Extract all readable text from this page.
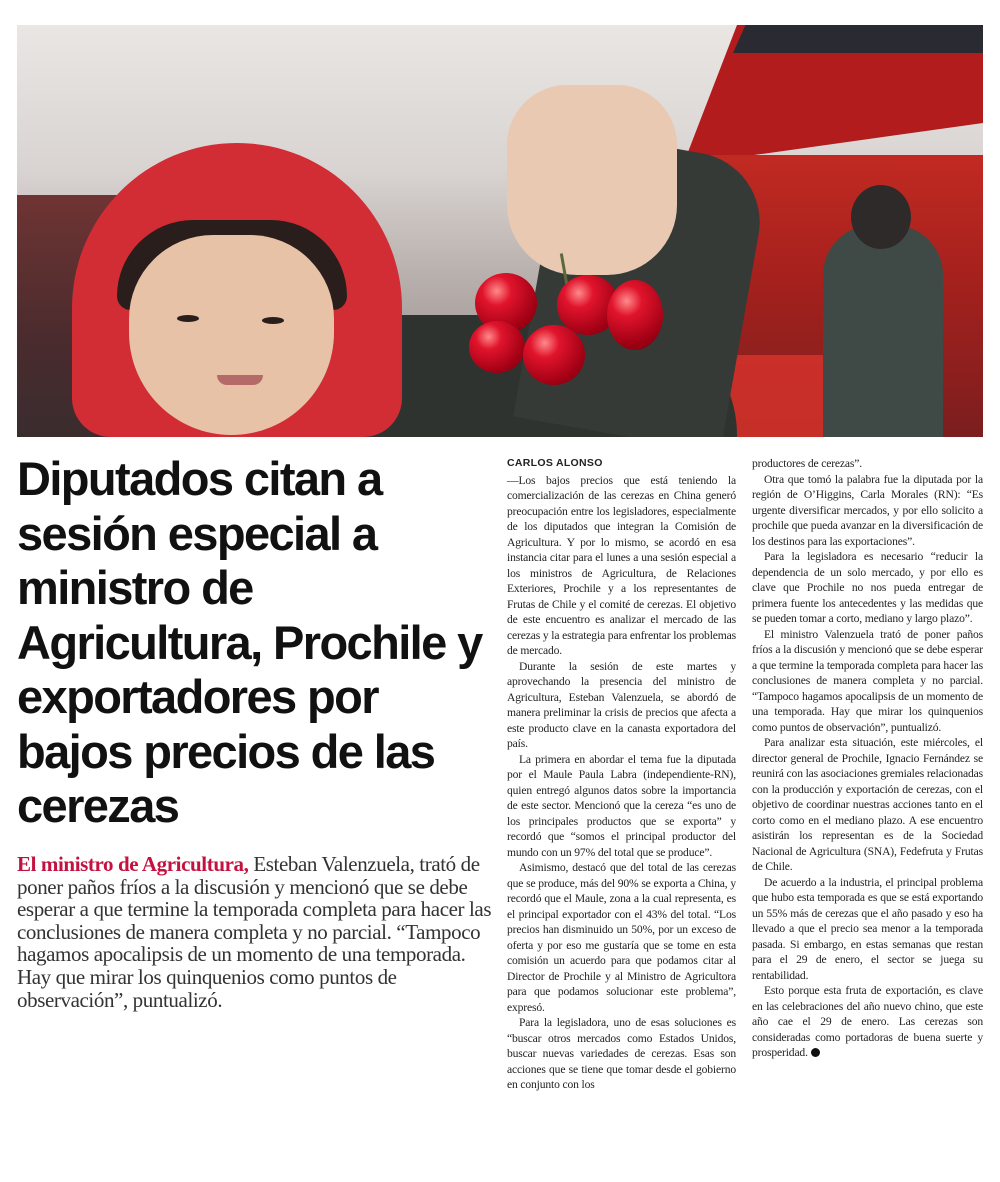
Diputados citan a sesión especial a ministro de Agricultura, Prochile y exportadores por bajos precios de las cerezas

El ministro de Agricultura, Esteban Valenzuela, trató de poner paños fríos a la discusión y mencionó que se debe esperar a que termine la temporada completa para hacer las conclusiones de manera completa y no parcial. “Tampoco hagamos apocalipsis de un momento de una temporada. Hay que mirar los quinquenios como puntos de observación”, puntualizó.

CARLOS ALONSO

—Los bajos precios que está teniendo la comercialización de las cerezas en China generó preocupación entre los legisladores, especialmente de los diputados que integran la Comisión de Agricultura. Y por lo mismo, se acordó en esa instancia citar para el lunes a una sesión especial a los ministros de Agricultura, de Relaciones Exteriores, Prochile y a los representantes de Frutas de Chile y el comité de cerezas. El objetivo de este encuentro es analizar el mercado de las cerezas y la estrategia para enfrentar los problemas de mercado.

Durante la sesión de este martes y aprovechando la presencia del ministro de Agricultura, Esteban Valenzuela, se abordó de manera preliminar la crisis de precios que afecta a este producto clave en la canasta exportadora del país.

La primera en abordar el tema fue la diputada por el Maule Paula Labra (independiente-RN), quien entregó algunos datos sobre la importancia de este sector. Mencionó que la cereza “es uno de los principales productos que se exporta” y recordó que “somos el principal productor del mundo con un 97% del total que se produce”.

Asimismo, destacó que del total de las cerezas que se produce, más del 90% se exporta a China, y recordó que el Maule, zona a la cual representa, es el principal exportador con el 43% del total. “Los precios han disminuido un 50%, por un exceso de oferta y por eso me gustaría que se tome en esta comisión un acuerdo para que podamos citar al Director de Prochile y al Ministro de Agricultora para que podamos solucionar este problema”, expresó.

Para la legisladora, uno de esas soluciones es “buscar otros mercados como Estados Unidos, buscar nuevas variedades de cerezas. Esas son acciones que se tiene que tomar desde el gobierno en conjunto con los

productores de cerezas”.

Otra que tomó la palabra fue la diputada por la región de O’Higgins, Carla Morales (RN): “Es urgente diversificar mercados, y por ello solicito a prochile que pueda avanzar en la diversificación de los destinos para las exportaciones”.

Para la legisladora es necesario “reducir la dependencia de un solo mercado, y por ello es clave que Prochile no nos pueda entregar de primera fuente los antecedentes y las medidas que se pueden tomar a corto, mediano y largo plazo”.

El ministro Valenzuela trató de poner paños fríos a la discusión y mencionó que se debe esperar a que termine la temporada completa para hacer las conclusiones de manera completa y no parcial. “Tampoco hagamos apocalipsis de un momento de una temporada. Hay que mirar los quinquenios como puntos de observación”, puntualizó.

Para analizar esta situación, este miércoles, el director general de Prochile, Ignacio Fernández se reunirá con las asociaciones gremiales relacionadas con la producción y exportación de cerezas, con el objetivo de coordinar nuestras acciones tanto en el corto como en el mediano plazo. A ese encuentro asistirán los representan es de la Sociedad Nacional de Agricultura (SNA), Fedefruta y Frutas de Chile.

De acuerdo a la industria, el principal problema que hubo esta temporada es que se está exportando un 55% más de cerezas que el año pasado y eso ha llevado a que el precio sea menor a la temporada pasada. Si embargo, en estas semanas que restan para el 29 de enero, el sector se juega su rentabilidad.

Esto porque esta fruta de exportación, es clave en las celebraciones del año nuevo chino, que este año cae el 29 de enero. Las cerezas son consideradas como portadoras de buena suerte y prosperidad.
